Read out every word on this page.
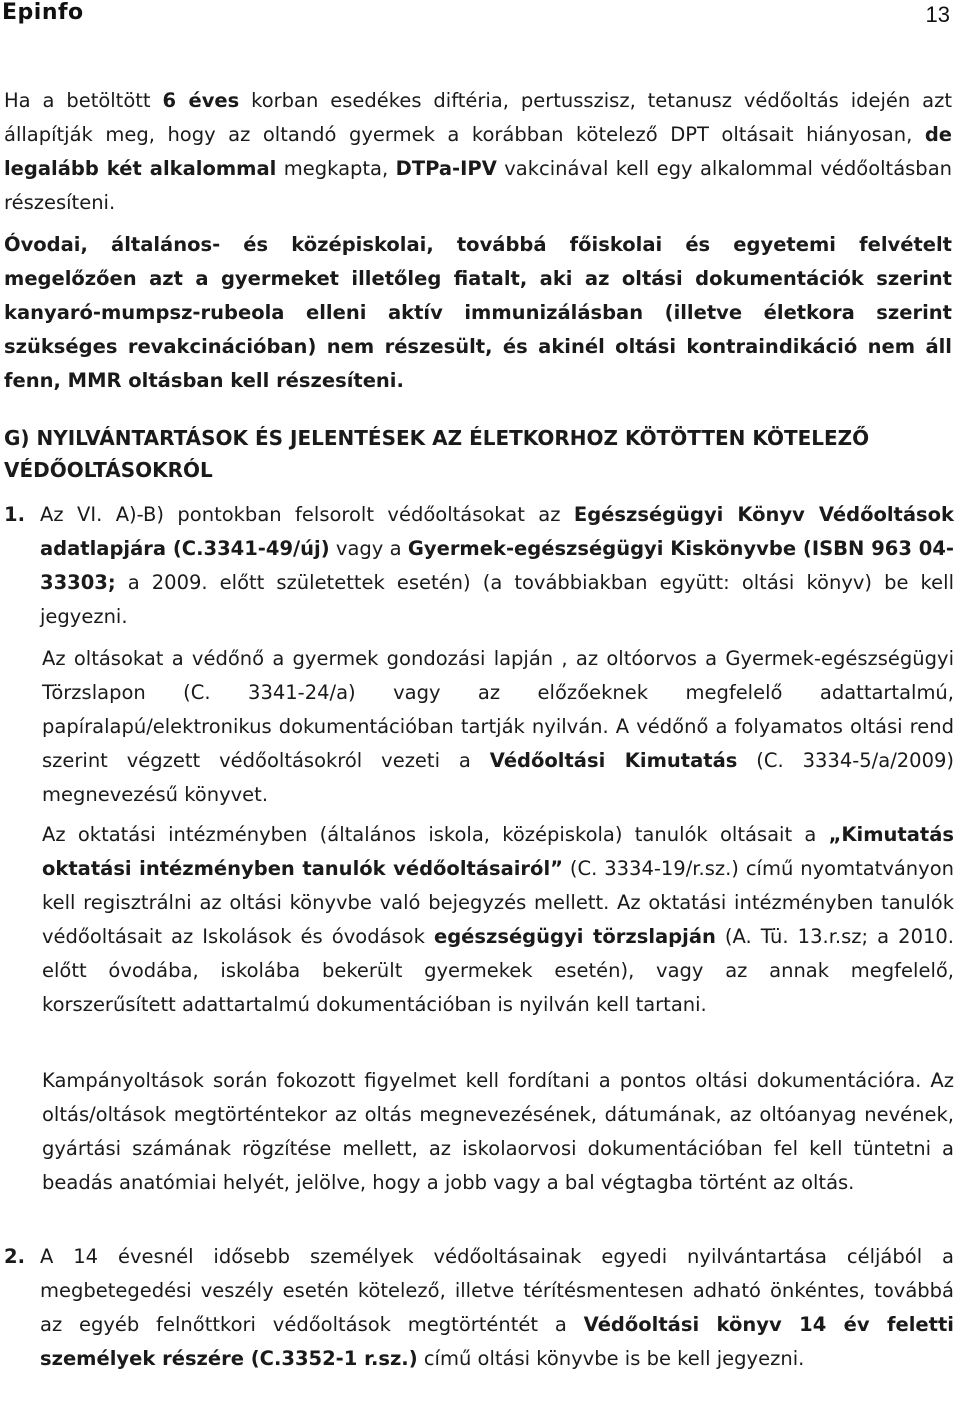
Epinfo	13

Ha a betöltött 6 éves korban esedékes diftéria, pertusszisz, tetanusz védőoltás idején azt állapítják meg, hogy az oltandó gyermek a korábban kötelező DPT oltásait hiányosan, de legalább két alkalommal megkapta, DTPa-IPV vakcinával kell egy alkalommal védőoltásban részesíteni.

Óvodai, általános- és középiskolai, továbbá főiskolai és egyetemi felvételt megelőzően azt a gyermeket illetőleg fiatalt, aki az oltási dokumentációk szerint kanyaró-mumpsz-rubeola elleni aktív immunizálásban (illetve életkora szerint szükséges revakcinációban) nem részesült, és akinél oltási kontraindikáció nem áll fenn, MMR oltásban kell részesíteni.

G) NYILVÁNTARTÁSOK ÉS JELENTÉSEK AZ ÉLETKORHOZ KÖTÖTTEN KÖTELEZŐ VÉDŐOLTÁSOKRÓL
1. Az VI. A)-B) pontokban felsorolt védőoltásokat az Egészségügyi Könyv Védőoltások adatlapjára (C.3341-49/új) vagy a Gyermek-egészségügyi Kiskönyvbe (ISBN 963 04-33303; a 2009. előtt születettek esetén) (a továbbiakban együtt: oltási könyv) be kell jegyezni.

Az oltásokat a védőnő a gyermek gondozási lapján , az oltóorvos a Gyermek-egészségügyi Törzslapon (C. 3341-24/a) vagy az előzőeknek megfelelő adattartalmú, papíralapú/elektronikus dokumentációban tartják nyilván. A védőnő a folyamatos oltási rend szerint végzett védőoltásokról vezeti a Védőoltási Kimutatás (C. 3334-5/a/2009) megnevezésű könyvet.

Az oktatási intézményben (általános iskola, középiskola) tanulók oltásait a „Kimutatás oktatási intézményben tanulók védőoltásairól” (C. 3334-19/r.sz.) című nyomtatványon kell regisztrálni az oltási könyvbe való bejegyzés mellett. Az oktatási intézményben tanulók védőoltásait az Iskolások és óvodások egészségügyi törzslapján (A. Tü. 13.r.sz; a 2010. előtt óvodába, iskolába bekerült gyermekek esetén), vagy az annak megfelelő, korszerűsített adattartalmú dokumentációban is nyilván kell tartani.

Kampányoltások során fokozott figyelmet kell fordítani a pontos oltási dokumentációra. Az oltás/oltások megtörténtekor az oltás megnevezésének, dátumának, az oltóanyag nevének, gyártási számának rögzítése mellett, az iskolaorvosi dokumentációban fel kell tüntetni a beadás anatómiai helyét, jelölve, hogy a jobb vagy a bal végtagba történt az oltás.

2. A 14 évesnél idősebb személyek védőoltásainak egyedi nyilvántartása céljából a megbetegedési veszély esetén kötelező, illetve térítésmentesen adható önkéntes, továbbá az egyéb felnőttkori védőoltások megtörténtét a Védőoltási könyv 14 év feletti személyek részére (C.3352-1 r.sz.) című oltási könyvbe is be kell jegyezni.
